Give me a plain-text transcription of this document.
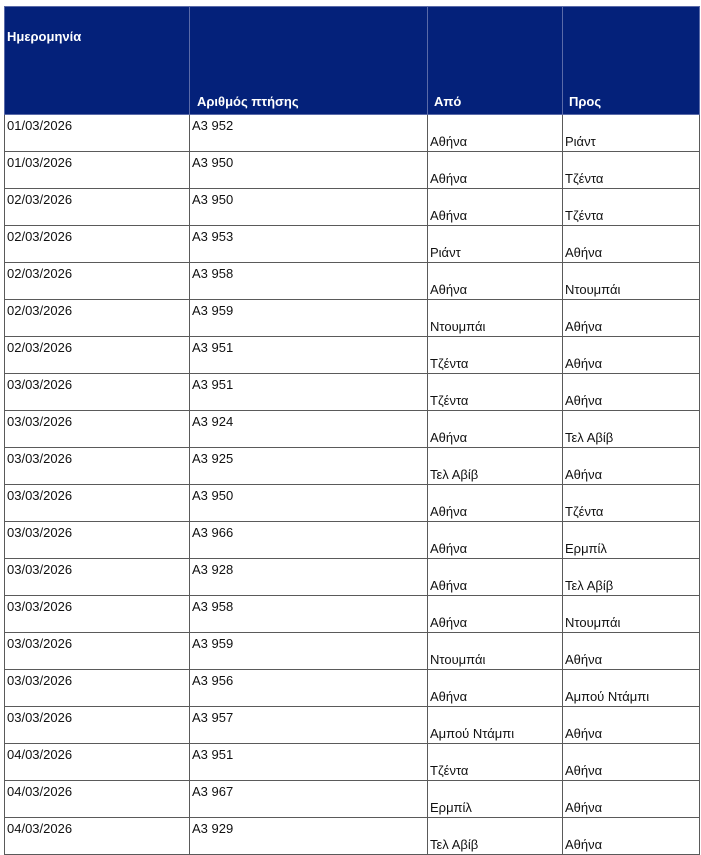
Ημερομηνία	Αριθμός πτήσης	Από	Προς
01/03/2026	A3 952	Αθήνα	Ριάντ
01/03/2026	A3 950	Αθήνα	Τζέντα
02/03/2026	A3 950	Αθήνα	Τζέντα
02/03/2026	A3 953	Ριάντ	Αθήνα
02/03/2026	A3 958	Αθήνα	Ντουμπάι
02/03/2026	A3 959	Ντουμπάι	Αθήνα
02/03/2026	A3 951	Τζέντα	Αθήνα
03/03/2026	A3 951	Τζέντα	Αθήνα
03/03/2026	A3 924	Αθήνα	Τελ Αβίβ
03/03/2026	A3 925	Τελ Αβίβ	Αθήνα
03/03/2026	A3 950	Αθήνα	Τζέντα
03/03/2026	A3 966	Αθήνα	Ερμπίλ
03/03/2026	A3 928	Αθήνα	Τελ Αβίβ
03/03/2026	A3 958	Αθήνα	Ντουμπάι
03/03/2026	A3 959	Ντουμπάι	Αθήνα
03/03/2026	A3 956	Αθήνα	Αμπού Ντάμπι
03/03/2026	A3 957	Αμπού Ντάμπι	Αθήνα
04/03/2026	A3 951	Τζέντα	Αθήνα
04/03/2026	A3 967	Ερμπίλ	Αθήνα
04/03/2026	A3 929	Τελ Αβίβ	Αθήνα
